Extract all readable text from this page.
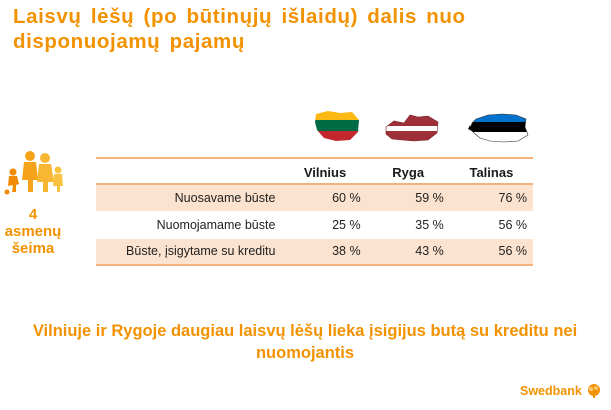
Laisvų lėšų (po būtinųjų išlaidų) dalis nuo disponuojamų pajamų
4 asmenų šeima
	Vilnius	Ryga	Talinas
Nuosavame būste	60 %	59 %	76 %
Nuomojamame būste	25 %	35 %	56 %
Būste, įsigytame su kreditu	38 %	43 %	56 %
Vilniuje ir Rygoje daugiau laisvų lėšų lieka įsigijus butą su kreditu nei nuomojantis
Swedbank
